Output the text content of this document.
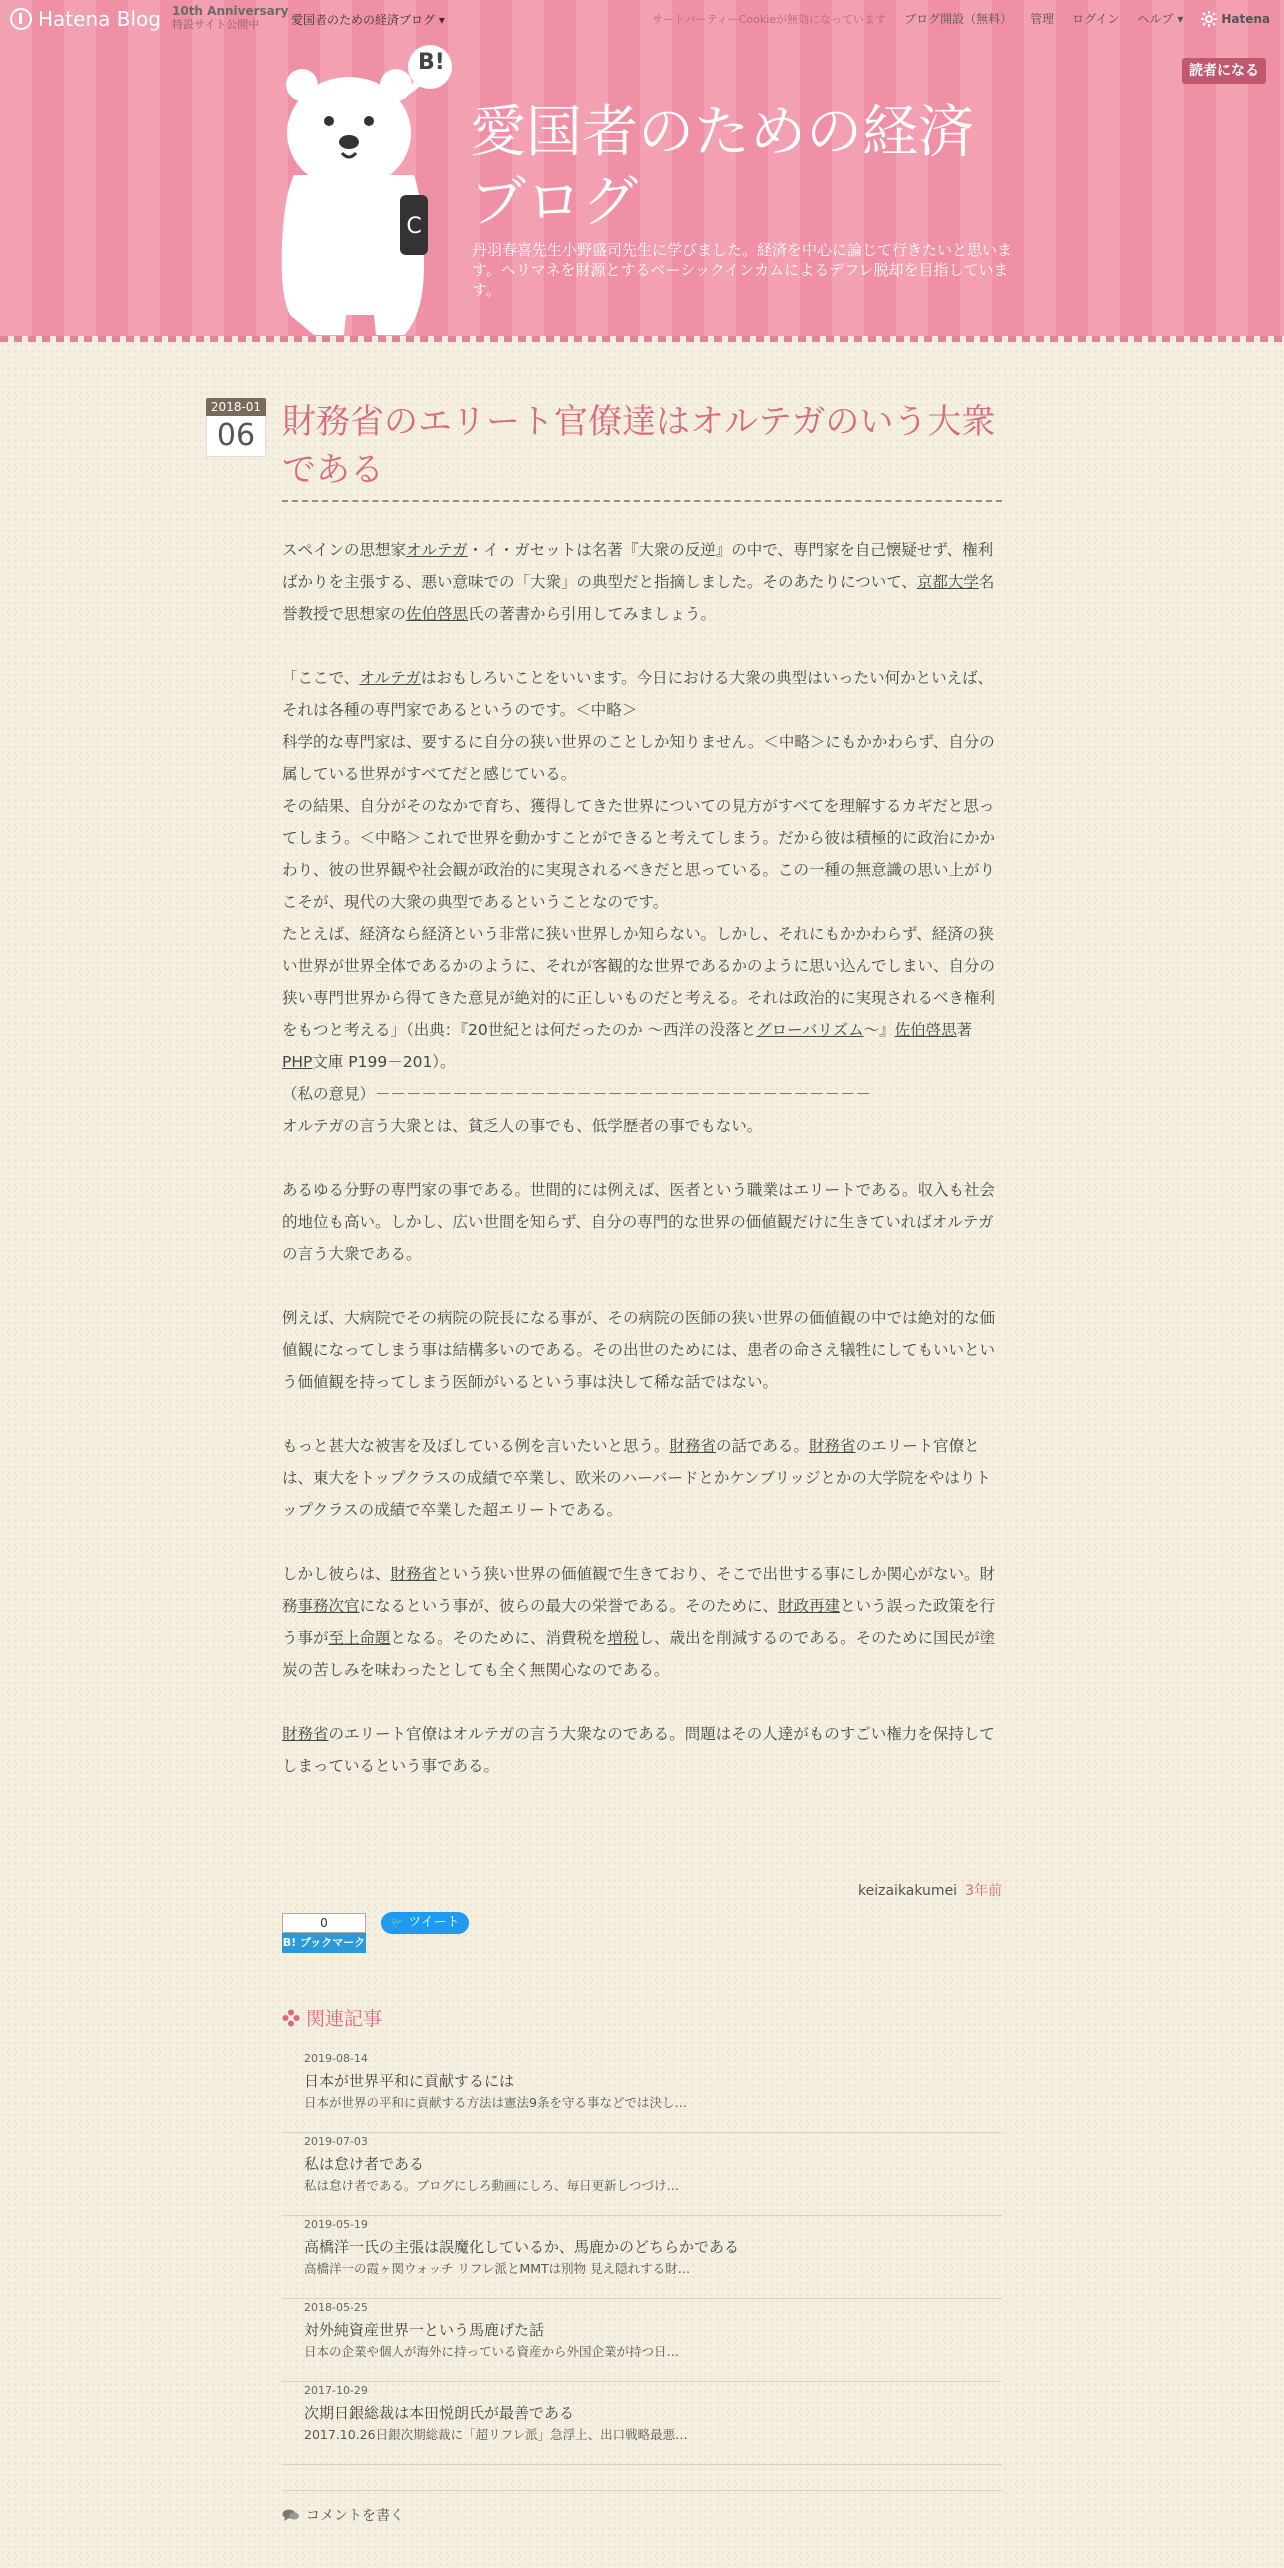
C
B!
愛国者のための経済ブログ
丹羽春喜先生小野盛司先生に学びました。経済を中心に論じて行きたいと思います。ヘリマネを財源とするベーシックインカムによるデフレ脱却を目指しています。
読者になる
Hatena Blog 10th Anniversary
特設サイト公開中	愛国者のための経済ブログ ▾	サードパーティーCookieが無効になっています ブログ開設（無料） 管理 ログイン ヘルプ ▾	Hatena
2018-01
06 財務省のエリート官僚達はオルテガのいう大衆である

スペインの思想家オルテガ・イ・ガセットは名著『大衆の反逆』の中で、専門家を自己懐疑せず、権利ばかりを主張する、悪い意味での「大衆」の典型だと指摘しました。そのあたりについて、京都大学名誉教授で思想家の佐伯啓思氏の著書から引用してみましょう。

「ここで、オルテガはおもしろいことをいいます。今日における大衆の典型はいったい何かといえば、それは各種の専門家であるというのです。＜中略＞

科学的な専門家は、要するに自分の狭い世界のことしか知りません。＜中略＞にもかかわらず、自分の属している世界がすべてだと感じている。

その結果、自分がそのなかで育ち、獲得してきた世界についての見方がすべてを理解するカギだと思ってしまう。＜中略＞これで世界を動かすことができると考えてしまう。だから彼は積極的に政治にかかわり、彼の世界観や社会観が政治的に実現されるべきだと思っている。この一種の無意識の思い上がりこそが、現代の大衆の典型であるということなのです。

たとえば、経済なら経済という非常に狭い世界しか知らない。しかし、それにもかかわらず、経済の狭い世界が世界全体であるかのように、それが客観的な世界であるかのように思い込んでしまい、自分の狭い専門世界から得てきた意見が絶対的に正しいものだと考える。それは政治的に実現されるべき権利をもつと考える」（出典：『20世紀とは何だったのか ～西洋の没落とグローバリズム～』佐伯啓思著 PHP文庫 P199－201）。

（私の意見）－－－－－－－－－－－－－－－－－－－－－－－－－－－－－－－－

オルテガの言う大衆とは、貧乏人の事でも、低学歴者の事でもない。

あるゆる分野の専門家の事である。世間的には例えば、医者という職業はエリートである。収入も社会的地位も高い。しかし、広い世間を知らず、自分の専門的な世界の価値観だけに生きていればオルテガの言う大衆である。

例えば、大病院でその病院の院長になる事が、その病院の医師の狭い世界の価値観の中では絶対的な価値観になってしまう事は結構多いのである。その出世のためには、患者の命さえ犠牲にしてもいいという価値観を持ってしまう医師がいるという事は決して稀な話ではない。

もっと甚大な被害を及ぼしている例を言いたいと思う。財務省の話である。財務省のエリート官僚とは、東大をトップクラスの成績で卒業し、欧米のハーバードとかケンブリッジとかの大学院をやはりトップクラスの成績で卒業した超エリートである。

しかし彼らは、財務省という狭い世界の価値観で生きており、そこで出世する事にしか関心がない。財務事務次官になるという事が、彼らの最大の栄誉である。そのために、財政再建という誤った政策を行う事が至上命題となる。そのために、消費税を増税し、歳出を削減するのである。そのために国民が塗炭の苦しみを味わったとしても全く無関心なのである。

財務省のエリート官僚はオルテガの言う大衆なのである。問題はその人達がものすごい権力を保持してしまっているという事である。

keizaikakumei 3年前
0
B! ブックマーク
🐦 ツイート
関連記事
2019-08-14
日本が世界平和に貢献するには
日本が世界の平和に貢献する方法は憲法9条を守る事などでは決し…
2019-07-03
私は怠け者である
私は怠け者である。ブログにしろ動画にしろ、毎日更新しつづけ…
2019-05-19
高橋洋一氏の主張は誤魔化しているか、馬鹿かのどちらかである
高橋洋一の霞ヶ関ウォッチ リフレ派とMMTは別物 見え隠れする財…
2018-05-25
対外純資産世界一という馬鹿げた話
日本の企業や個人が海外に持っている資産から外国企業が持つ日…
2017-10-29
次期日銀総裁は本田悦朗氏が最善である
2017.10.26日銀次期総裁に「超リフレ派」急浮上、出口戦略最悪…
コメントを書く
